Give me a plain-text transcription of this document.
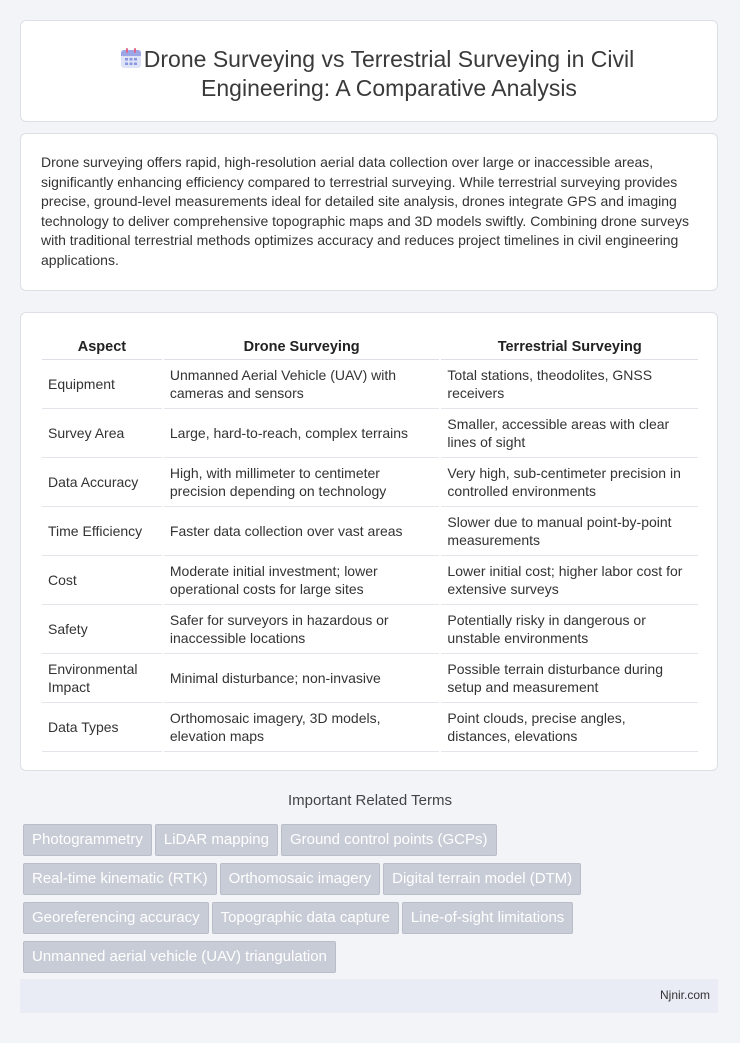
Drone Surveying vs Terrestrial Surveying in Civil Engineering: A Comparative Analysis

Drone surveying offers rapid, high-resolution aerial data collection over large or inaccessible areas, significantly enhancing efficiency compared to terrestrial surveying. While terrestrial surveying provides precise, ground-level measurements ideal for detailed site analysis, drones integrate GPS and imaging technology to deliver comprehensive topographic maps and 3D models swiftly. Combining drone surveys with traditional terrestrial methods optimizes accuracy and reduces project timelines in civil engineering applications.

Aspect	Drone Surveying	Terrestrial Surveying
Equipment	Unmanned Aerial Vehicle (UAV) with cameras and sensors	Total stations, theodolites, GNSS receivers
Survey Area	Large, hard-to-reach, complex terrains	Smaller, accessible areas with clear lines of sight
Data Accuracy	High, with millimeter to centimeter precision depending on technology	Very high, sub-centimeter precision in controlled environments
Time Efficiency	Faster data collection over vast areas	Slower due to manual point-by-point measurements
Cost	Moderate initial investment; lower operational costs for large sites	Lower initial cost; higher labor cost for extensive surveys
Safety	Safer for surveyors in hazardous or inaccessible locations	Potentially risky in dangerous or unstable environments
Environmental Impact	Minimal disturbance; non-invasive	Possible terrain disturbance during setup and measurement
Data Types	Orthomosaic imagery, 3D models, elevation maps	Point clouds, precise angles, distances, elevations
Important Related Terms
Photogrammetry LiDAR mapping Ground control points (GCPs)Real-time kinematic (RTK) Orthomosaic imagery Digital terrain model (DTM)Georeferencing accuracy Topographic data capture Line-of-sight limitationsUnmanned aerial vehicle (UAV) triangulation
Njnir.com
